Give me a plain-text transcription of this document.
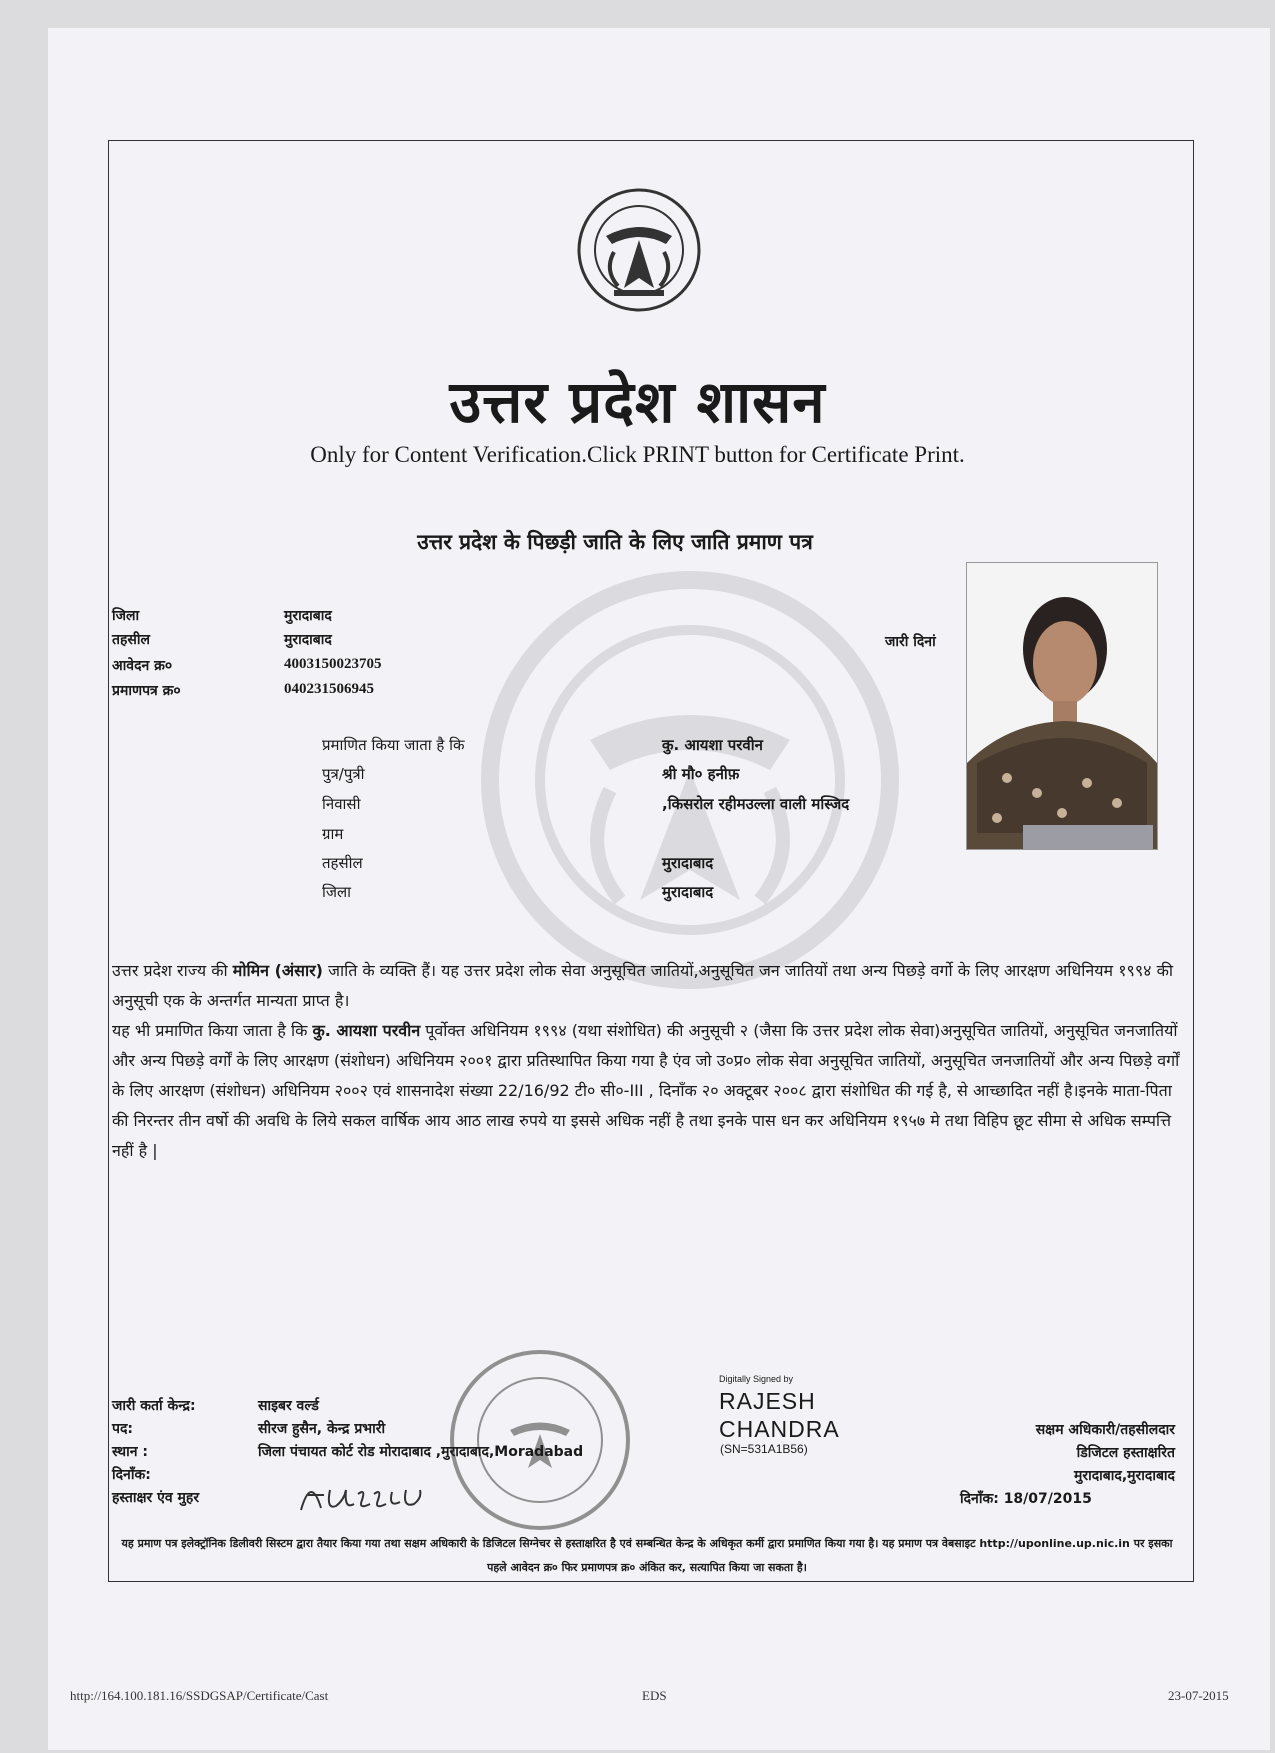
उत्तर प्रदेश शासन
Only for Content Verification.Click PRINT button for Certificate Print.
उत्तर प्रदेश के पिछड़ी जाति के लिए जाति प्रमाण पत्र
जिला	मुरादाबाद
तहसील	मुरादाबाद
आवेदन क्र०	400315002370​5
प्रमाणपत्र क्र०	040231506945
जारी दिनां
प्रमाणित किया जाता है कि	कु. आयशा परवीन
पुत्र/पुत्री	श्री मौ० हनीफ़
निवासी	,किसरोल रहीमउल्ला वाली मस्जिद
ग्राम
तहसील	मुरादाबाद
जिला	मुरादाबाद
उत्तर प्रदेश राज्य की मोमिन (अंसार) जाति के व्यक्ति हैं। यह उत्तर प्रदेश लोक सेवा अनुसूचित जातियों,अनुसूचित जन जातियों तथा अन्य पिछड़े वर्गो के लिए आरक्षण अधिनियम १९९४ की अनुसूची एक के अन्तर्गत मान्यता प्राप्त है।
यह भी प्रमाणित किया जाता है कि कु. आयशा परवीन पूर्वोक्त अधिनियम १९९४ (यथा संशोधित) की अनुसूची २ (जैसा कि उत्तर प्रदेश लोक सेवा)अनुसूचित जातियों, अनुसूचित जनजातियों और अन्य पिछड़े वर्गों के लिए आरक्षण (संशोधन) अधिनियम २००१ द्वारा प्रतिस्थापित किया गया है एंव जो उ०प्र० लोक सेवा अनुसूचित जातियों, अनुसूचित जनजातियों और अन्य पिछड़े वर्गों के लिए आरक्षण (संशोधन) अधिनियम २००२ एवं शासनादेश संख्या 22/16/92 टी० सी०-III , दिनाँक २० अक्टूबर २००८ द्वारा संशोधित की गई है, से आच्छादित नहीं है।इनके माता-पिता की निरन्तर तीन वर्षो की अवधि के लिये सकल वार्षिक आय आठ लाख रुपये या इससे अधिक नहीं है तथा इनके पास धन कर अधिनियम १९५७ मे तथा विहिप छूट सीमा से अधिक सम्पत्ति नहीं है |
जारी कर्ता केन्द्र:	साइबर वर्ल्ड
पद:	सीरज हुसैन, केन्द्र प्रभारी
स्थान :	जिला पंचायत कोर्ट रोड मोरादाबाद ,मुरादाबाद,Moradabad
दिनाँक:
हस्ताक्षर एंव मुहर
Digitally Signed by
RAJESH
CHANDRA
(SN=531A1B56)
सक्षम अधिकारी/तहसीलदार
डिजिटल हस्ताक्षरित
मुरादाबाद,मुरादाबाद
दिनाँक: 18/07/2015
यह प्रमाण पत्र इलेक्ट्रॉनिक डिलीवरी सिस्टम द्वारा तैयार किया गया तथा सक्षम अधिकारी के डिजिटल सिग्नेचर से हस्ताक्षरित है एवं सम्बन्धित केन्द्र के अधिकृत कर्मी द्वारा प्रमाणित किया गया है। यह प्रमाण पत्र वेबसाइट http://uponline.up.nic.in पर इसका पहले आवेदन क्र० फिर प्रमाणपत्र क्र० अंकित कर, सत्यापित किया जा सकता है।
http://164.100.181.16/SSDGSAP/Certificate/Cast	EDS	23-07-2015
